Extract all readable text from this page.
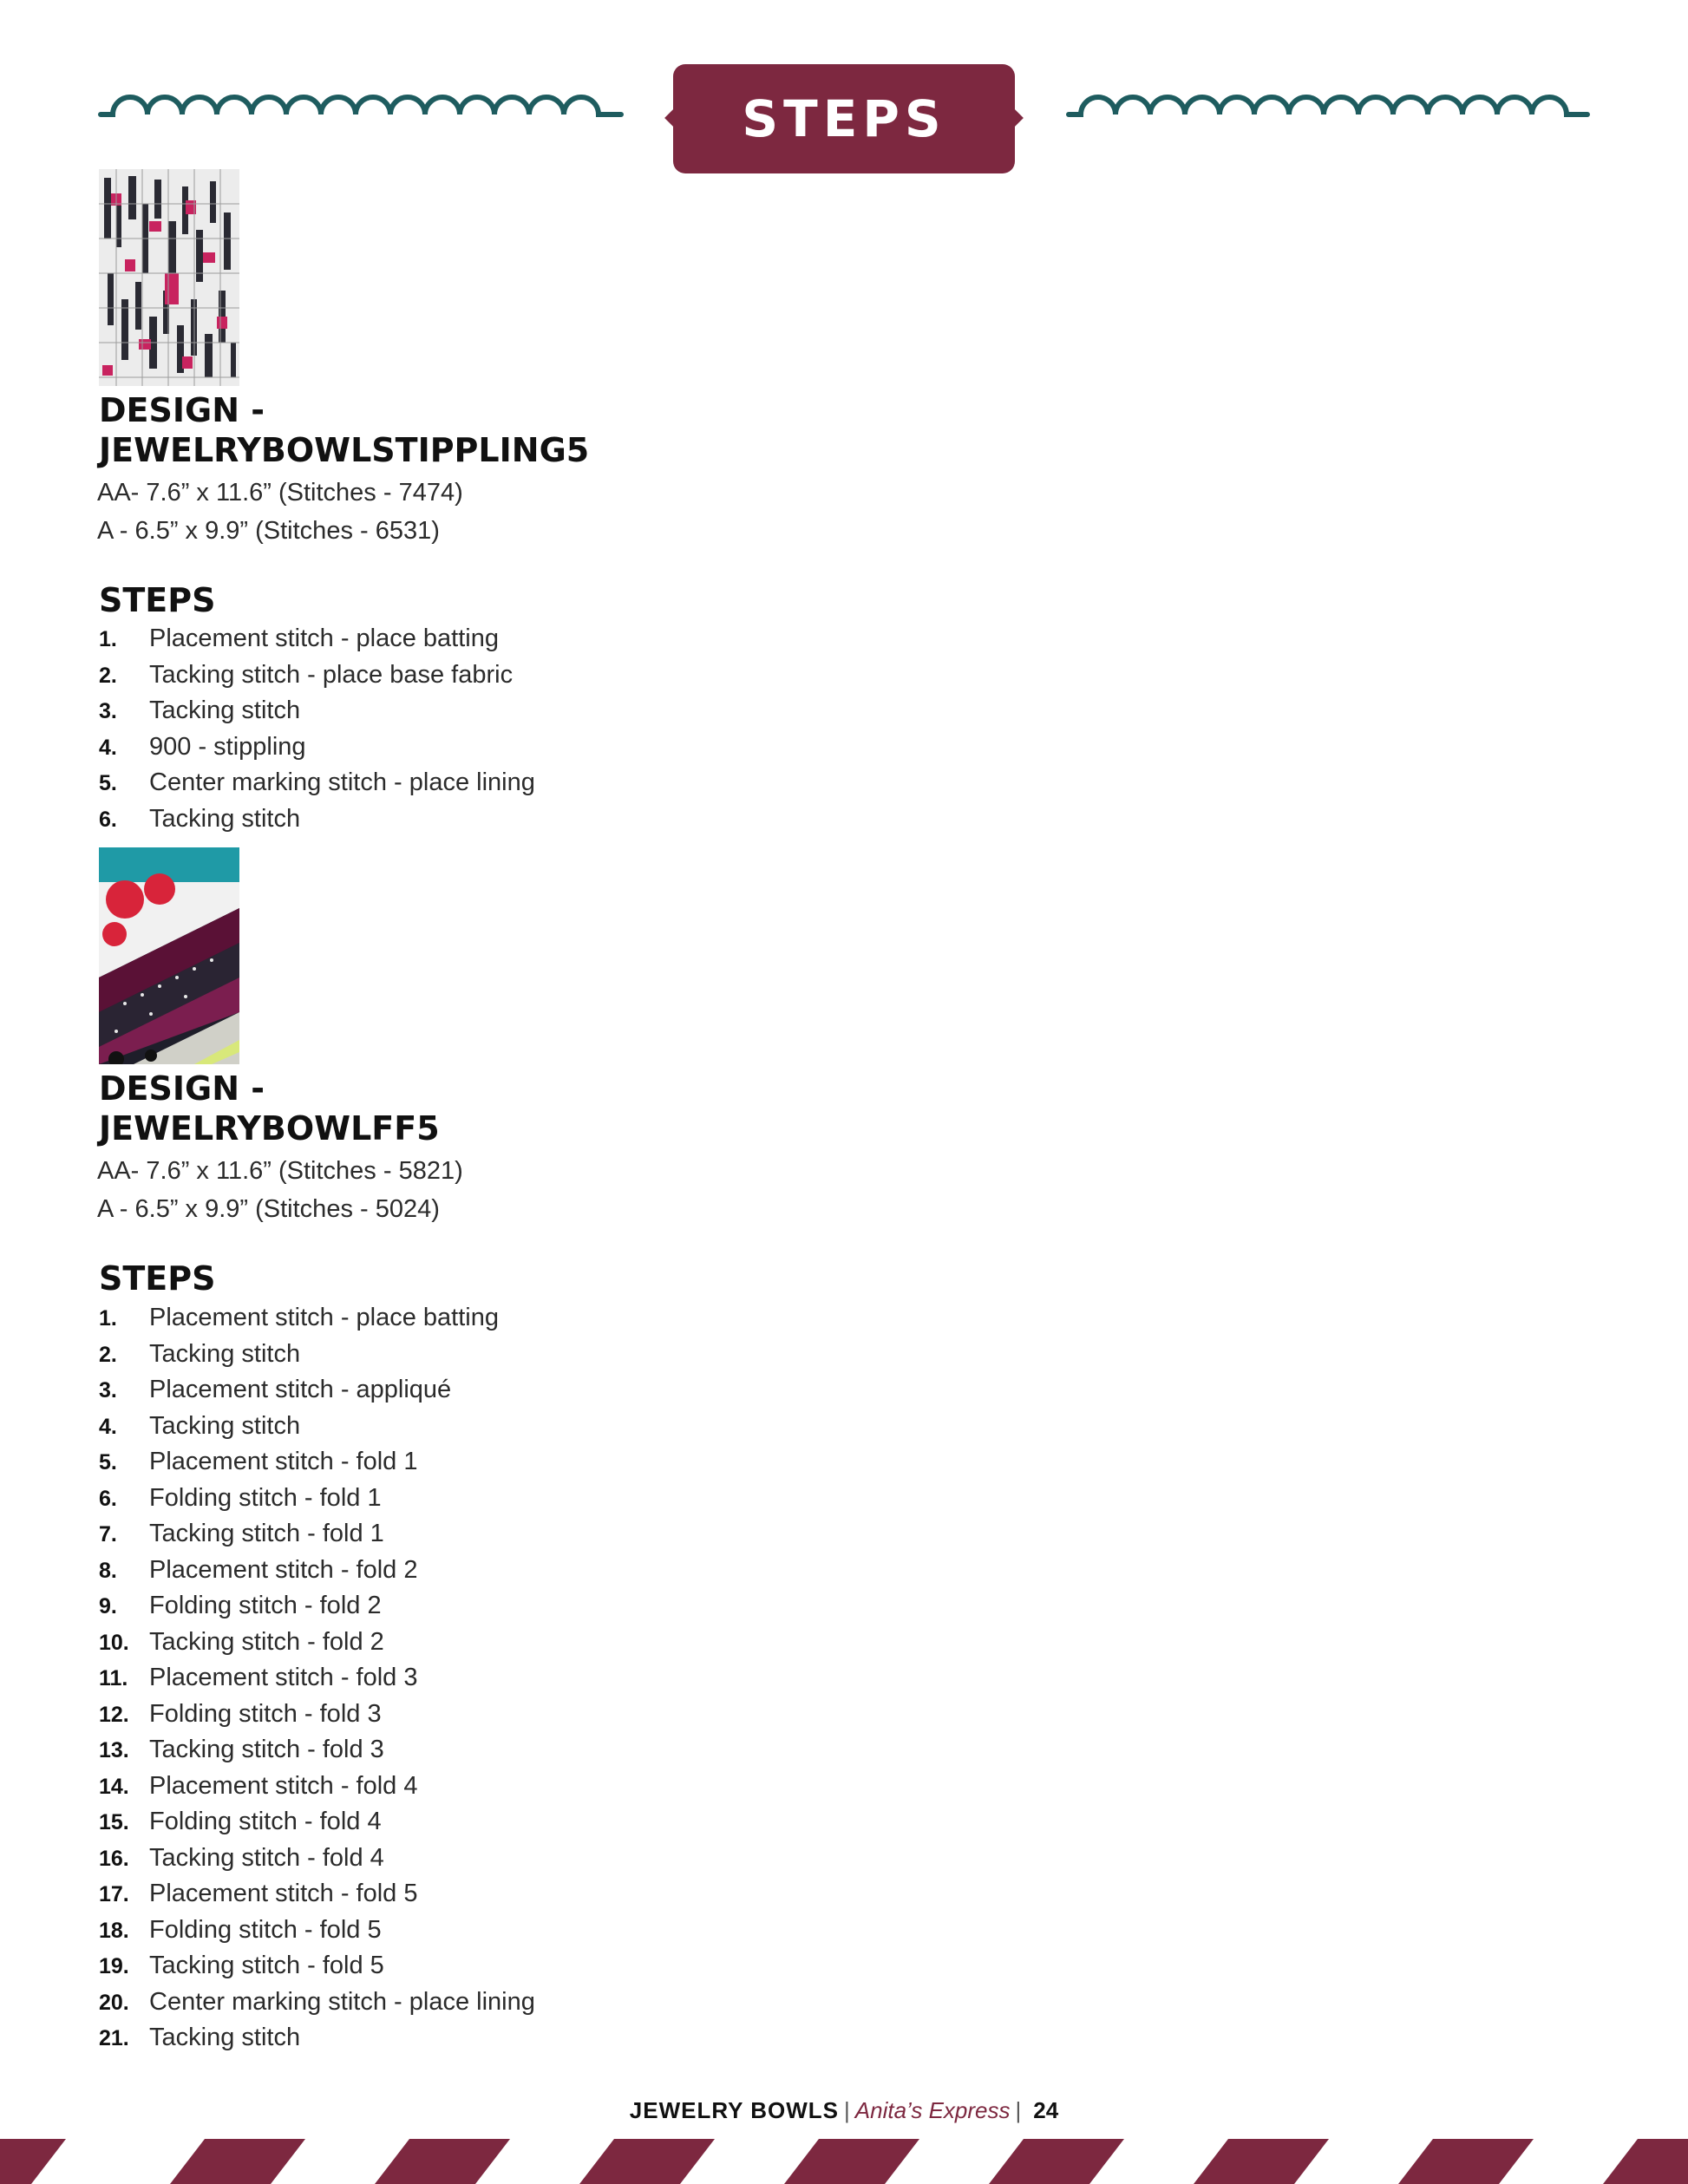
STEPS
DESIGN -
JEWELRYBOWLSTIPPLING5
AA- 7.6” x 11.6” (Stitches - 7474)
A - 6.5” x 9.9” (Stitches - 6531)
STEPS
1.	Placement stitch - place batting
2.	Tacking stitch - place base fabric
3.	Tacking stitch
4.	900 - stippling
5.	Center marking stitch - place lining
6.	Tacking stitch
DESIGN -
JEWELRYBOWLFF5
AA- 7.6” x 11.6” (Stitches - 5821)
A - 6.5” x 9.9” (Stitches - 5024)
STEPS
1.	Placement stitch - place batting
2.	Tacking stitch
3.	Placement stitch - appliqué
4.	Tacking stitch
5.	Placement stitch - fold 1
6.	Folding stitch - fold 1
7.	Tacking stitch - fold 1
8.	Placement stitch - fold 2
9.	Folding stitch - fold 2
10. Tacking stitch - fold 2
11. Placement stitch - fold 3
12. Folding stitch - fold 3
13. Tacking stitch - fold 3
14. Placement stitch - fold 4
15. Folding stitch - fold 4
16. Tacking stitch - fold 4
17. Placement stitch - fold 5
18. Folding stitch - fold 5
19. Tacking stitch - fold 5
20. Center marking stitch - place lining
21. Tacking stitch
JEWELRY BOWLS | Anita’s Express | 24
